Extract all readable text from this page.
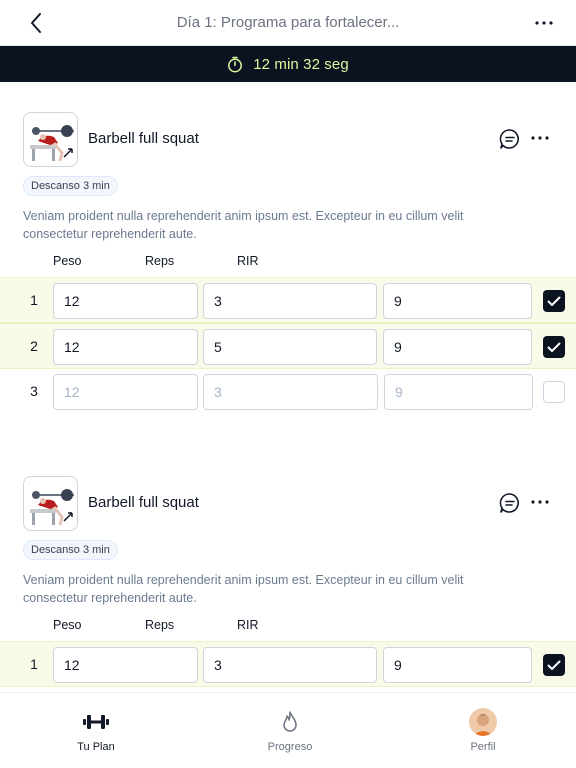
Día 1: Programa para fortalecer...
12 min 32 seg
Barbell full squat
Descanso 3 min
Veniam proident nulla reprehenderit anim ipsum est. Excepteur in eu cillum velit consectetur reprehenderit aute.
Peso	Reps	RIR
1	12	3	9
2	12	5	9
3	12	3	9
Barbell full squat
Descanso 3 min
Veniam proident nulla reprehenderit anim ipsum est. Excepteur in eu cillum velit consectetur reprehenderit aute.
Peso	Reps	RIR
1	12	3	9
Tu Plan	Progreso	Perfil
